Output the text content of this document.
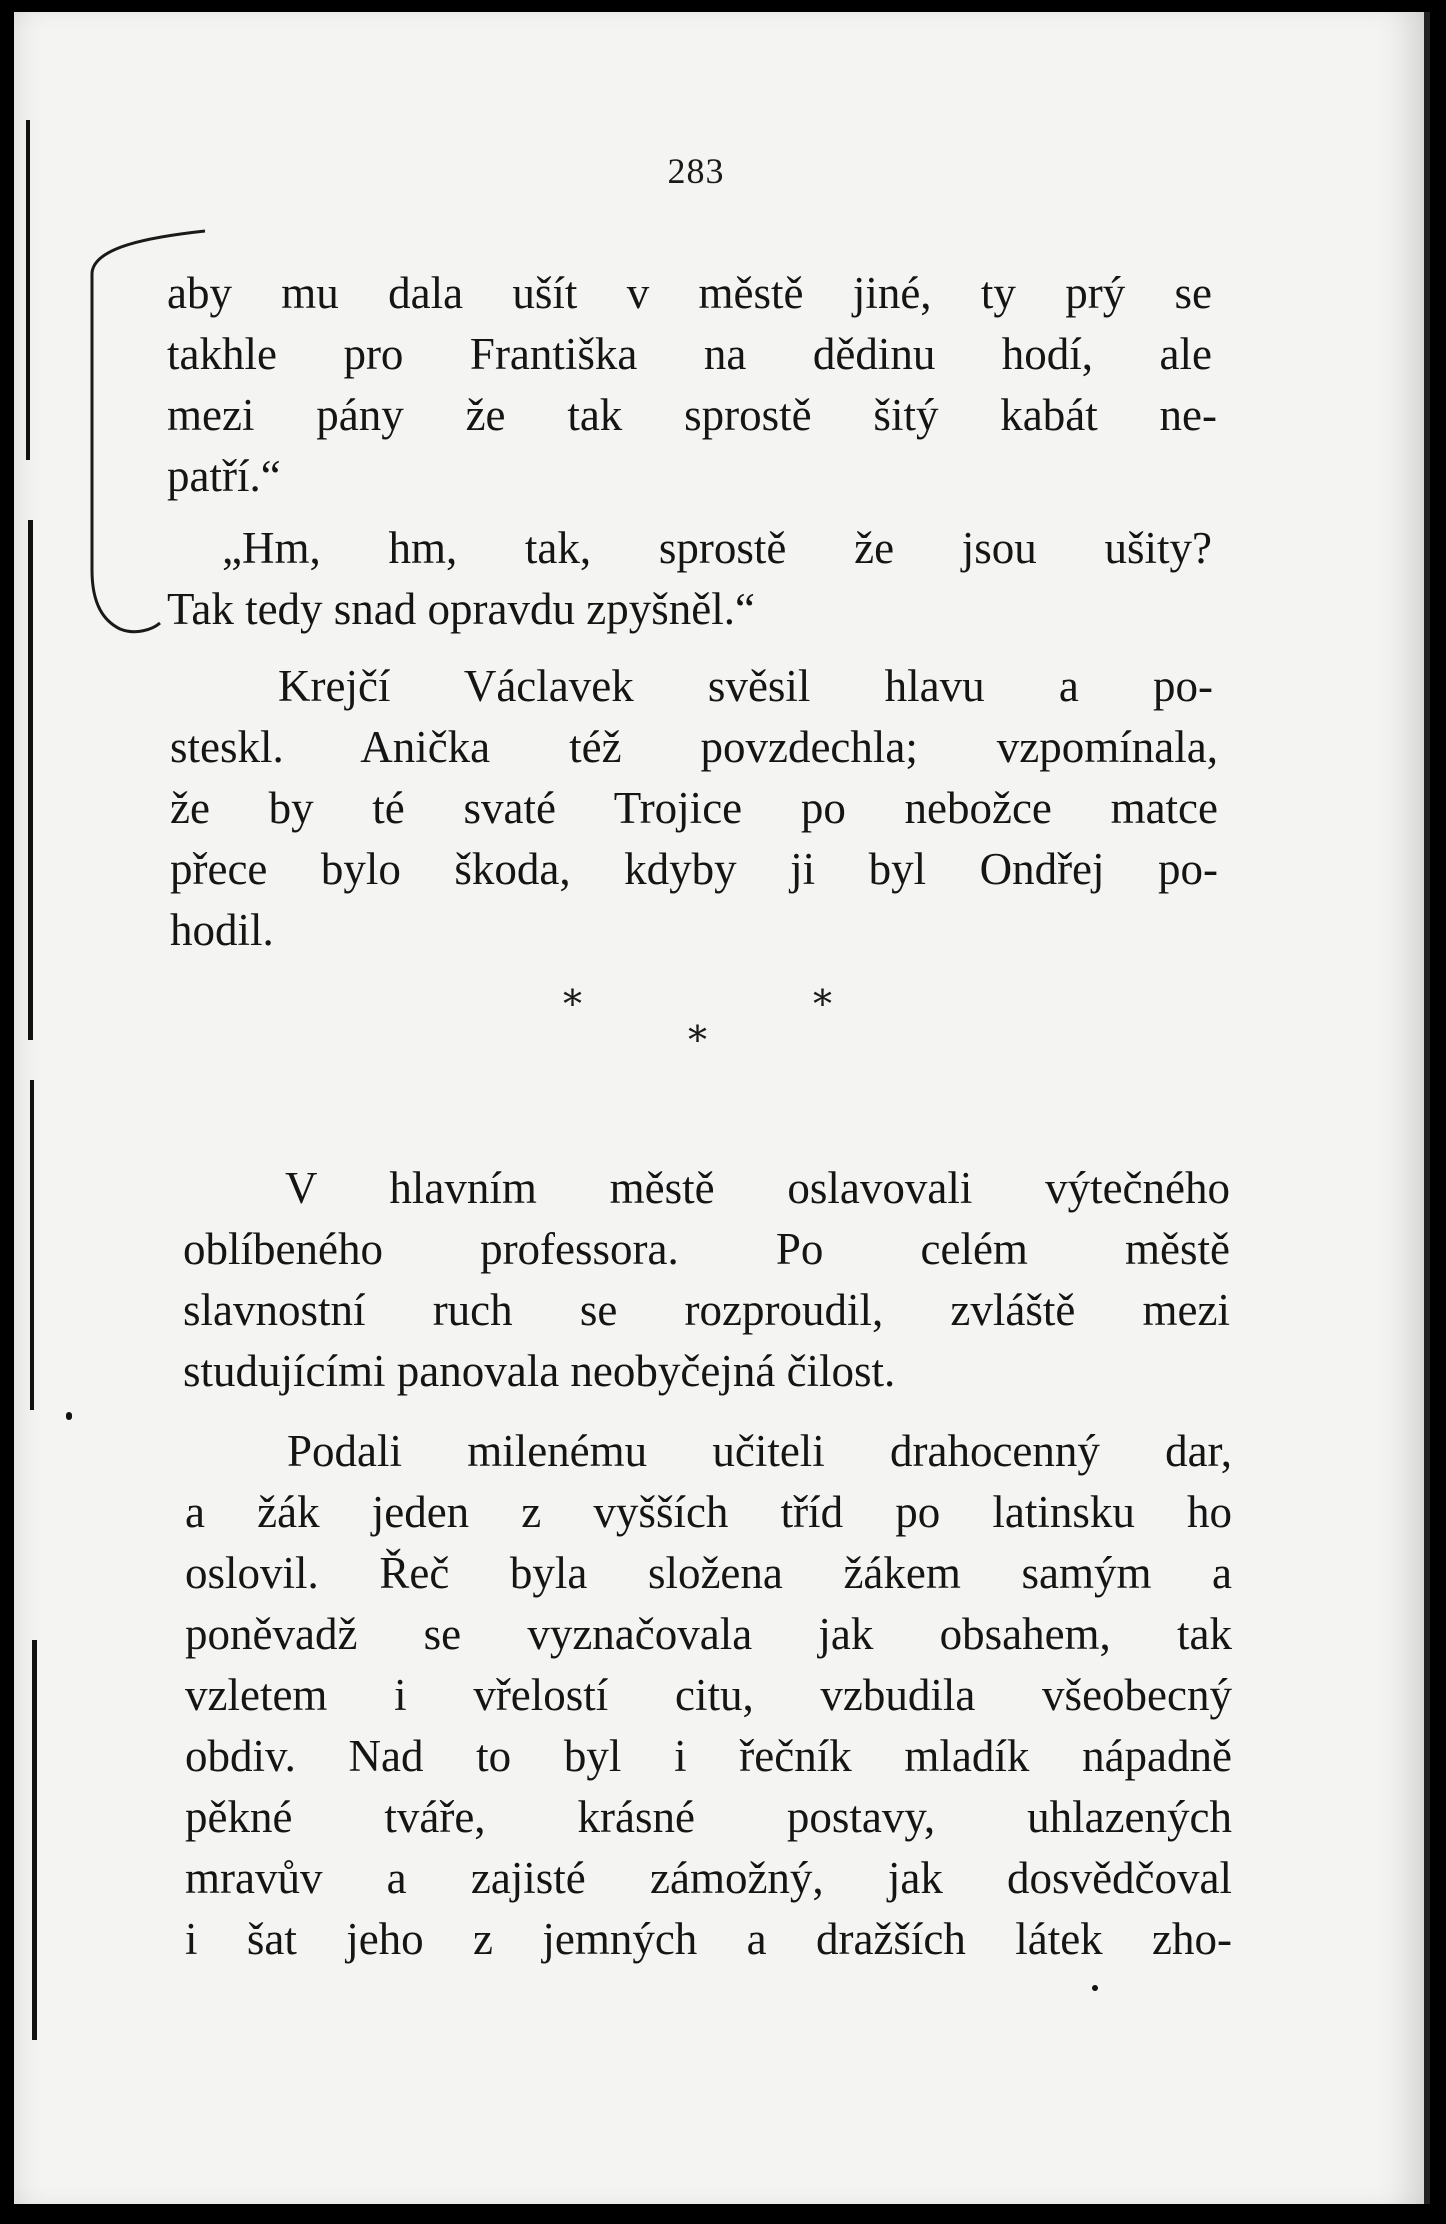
283
aby mu dala ušít v městě jiné, ty prý se
takhle pro Františka na dědinu hodí, ale
mezi pány že tak sprostě šitý kabát ne-
patří.“
„Hm, hm, tak, sprostě že jsou ušity?
Tak tedy snad opravdu zpyšněl.“
Krejčí Václavek svěsil hlavu a po-
steskl. Anička též povzdechla; vzpomínala,
že by té svaté Trojice po nebožce matce
přece bylo škoda, kdyby ji byl Ondřej po-
hodil.
*
*
*
V hlavním městě oslavovali výtečného
oblíbeného professora. Po celém městě
slavnostní ruch se rozproudil, zvláště mezi
studujícími panovala neobyčejná čilost.
Podali milenému učiteli drahocenný dar,
a žák jeden z vyšších tříd po latinsku ho
oslovil. Řeč byla složena žákem samým a
poněvadž se vyznačovala jak obsahem, tak
vzletem i vřelostí citu, vzbudila všeobecný
obdiv. Nad to byl i řečník mladík nápadně
pěkné tváře, krásné postavy, uhlazených
mravův a zajisté zámožný, jak dosvědčoval
i šat jeho z jemných a dražších látek zho-
